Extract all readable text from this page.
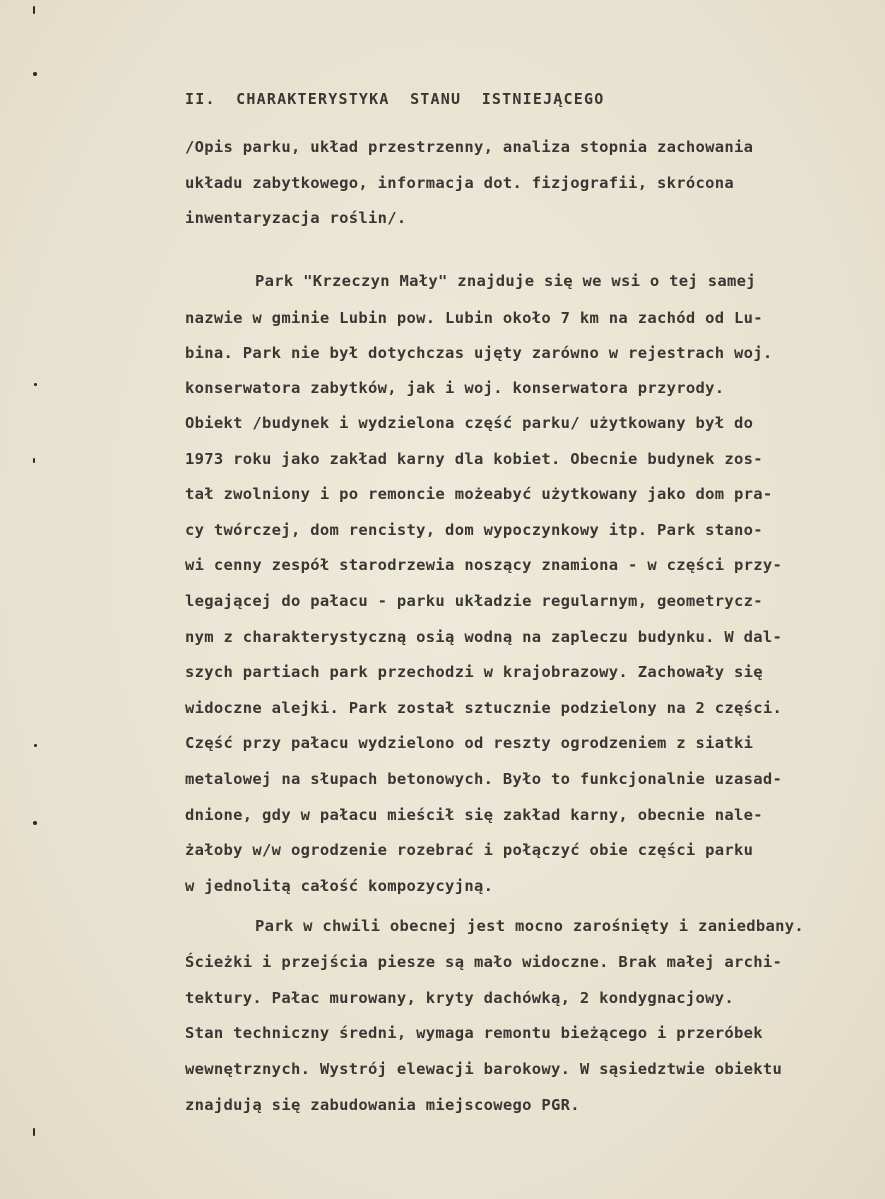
II.  CHARAKTERYSTYKA  STANU  ISTNIEJĄCEGO
/Opis parku, układ przestrzenny, analiza stopnia zachowania
układu zabytkowego, informacja dot. fizjografii, skrócona
inwentaryzacja roślin/.
Park "Krzeczyn Mały" znajduje się we wsi o tej samej
nazwie w gminie Lubin pow. Lubin około 7 km na zachód od Lu-
bina. Park nie był dotychczas ujęty zarówno w rejestrach woj.
konserwatora zabytków, jak i woj. konserwatora przyrody.
Obiekt /budynek i wydzielona część parku/ użytkowany był do
1973 roku jako zakład karny dla kobiet. Obecnie budynek zos-
tał zwolniony i po remoncie możeabyć użytkowany jako dom pra-
cy twórczej, dom rencisty, dom wypoczynkowy itp. Park stano-
wi cenny zespół starodrzewia noszący znamiona - w części przy-
legającej do pałacu - parku układzie regularnym, geometrycz-
nym z charakterystyczną osią wodną na zapleczu budynku. W dal-
szych partiach park przechodzi w krajobrazowy. Zachowały się
widoczne alejki. Park został sztucznie podzielony na 2 części.
Część przy pałacu wydzielono od reszty ogrodzeniem z siatki
metalowej na słupach betonowych. Było to funkcjonalnie uzasad-
dnione, gdy w pałacu mieścił się zakład karny, obecnie nale-
żałoby w/w ogrodzenie rozebrać i połączyć obie części parku
w jednolitą całość kompozycyjną.
Park w chwili obecnej jest mocno zarośnięty i zaniedbany.
Ścieżki i przejścia piesze są mało widoczne. Brak małej archi-
tektury. Pałac murowany, kryty dachówką, 2 kondygnacjowy.
Stan techniczny średni, wymaga remontu bieżącego i przeróbek
wewnętrznych. Wystrój elewacji barokowy. W sąsiedztwie obiektu
znajdują się zabudowania miejscowego PGR.
